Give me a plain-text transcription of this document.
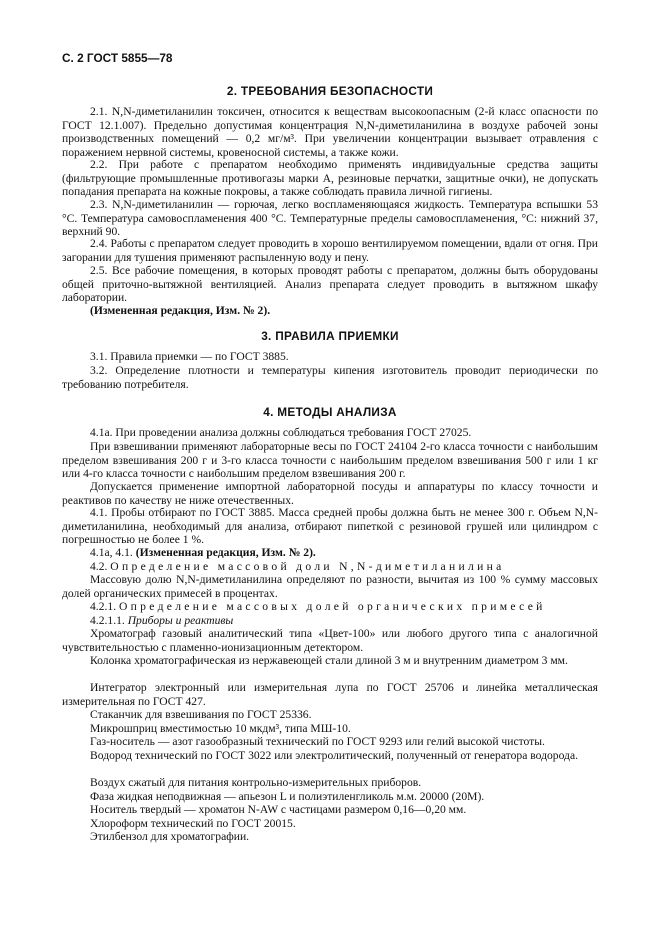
С. 2 ГОСТ 5855—78
2. ТРЕБОВАНИЯ БЕЗОПАСНОСТИ
2.1. N,N-диметиланилин токсичен, относится к веществам высокоопасным (2-й класс опасности по ГОСТ 12.1.007). Предельно допустимая концентрация N,N-диметиланилина в воздухе рабочей зоны производственных помещений — 0,2 мг/м³. При увеличении концентрации вызывает отравления с поражением нервной системы, кровеносной системы, а также кожи.
2.2. При работе с препаратом необходимо применять индивидуальные средства защиты (фильтрующие промышленные противогазы марки А, резиновые перчатки, защитные очки), не допускать попадания препарата на кожные покровы, а также соблюдать правила личной гигиены.
2.3. N,N-диметиланилин — горючая, легко воспламеняющаяся жидкость. Температура вспышки 53 °С. Температура самовоспламенения 400 °С. Температурные пределы самовоспламенения, °С: нижний 37, верхний 90.
2.4. Работы с препаратом следует проводить в хорошо вентилируемом помещении, вдали от огня. При загорании для тушения применяют распыленную воду и пену.
2.5. Все рабочие помещения, в которых проводят работы с препаратом, должны быть оборудованы общей приточно-вытяжной вентиляцией. Анализ препарата следует проводить в вытяжном шкафу лаборатории.
(Измененная редакция, Изм. № 2).
3. ПРАВИЛА ПРИЕМКИ
3.1. Правила приемки — по ГОСТ 3885.
3.2. Определение плотности и температуры кипения изготовитель проводит периодически по требованию потребителя.
4. МЕТОДЫ АНАЛИЗА
4.1а. При проведении анализа должны соблюдаться требования ГОСТ 27025.
При взвешивании применяют лабораторные весы по ГОСТ 24104 2-го класса точности с наибольшим пределом взвешивания 200 г и 3-го класса точности с наибольшим пределом взвешивания 500 г или 1 кг или 4-го класса точности с наибольшим пределом взвешивания 200 г.
Допускается применение импортной лабораторной посуды и аппаратуры по классу точности и реактивов по качеству не ниже отечественных.
4.1. Пробы отбирают по ГОСТ 3885. Масса средней пробы должна быть не менее 300 г. Объем N,N-диметиланилина, необходимый для анализа, отбирают пипеткой с резиновой грушей или цилиндром с погрешностью не более 1 %.
4.1а, 4.1. (Измененная редакция, Изм. № 2).
4.2. Определение массовой доли N,N-диметиланилина
Массовую долю N,N-диметиланилина определяют по разности, вычитая из 100 % сумму массовых долей органических примесей в процентах.
4.2.1. Определение массовых долей органических примесей
4.2.1.1. Приборы и реактивы
Хроматограф газовый аналитический типа «Цвет-100» или любого другого типа с аналогичной чувствительностью с пламенно-ионизационным детектором.
Колонка хроматографическая из нержавеющей стали длиной 3 м и внутренним диаметром 3 мм.
Интегратор электронный или измерительная лупа по ГОСТ 25706 и линейка металлическая измерительная по ГОСТ 427.
Стаканчик для взвешивания по ГОСТ 25336.
Микрошприц вместимостью 10 мкдм³, типа МШ-10.
Газ-носитель — азот газообразный технический по ГОСТ 9293 или гелий высокой чистоты.
Водород технический по ГОСТ 3022 или электролитический, полученный от генератора водорода.
Воздух сжатый для питания контрольно-измерительных приборов.
Фаза жидкая неподвижная — апьезон L и полиэтиленгликоль м.м. 20000 (20М).
Носитель твердый — хроматон N-AW с частицами размером 0,16—0,20 мм.
Хлороформ технический по ГОСТ 20015.
Этилбензол для хроматографии.
